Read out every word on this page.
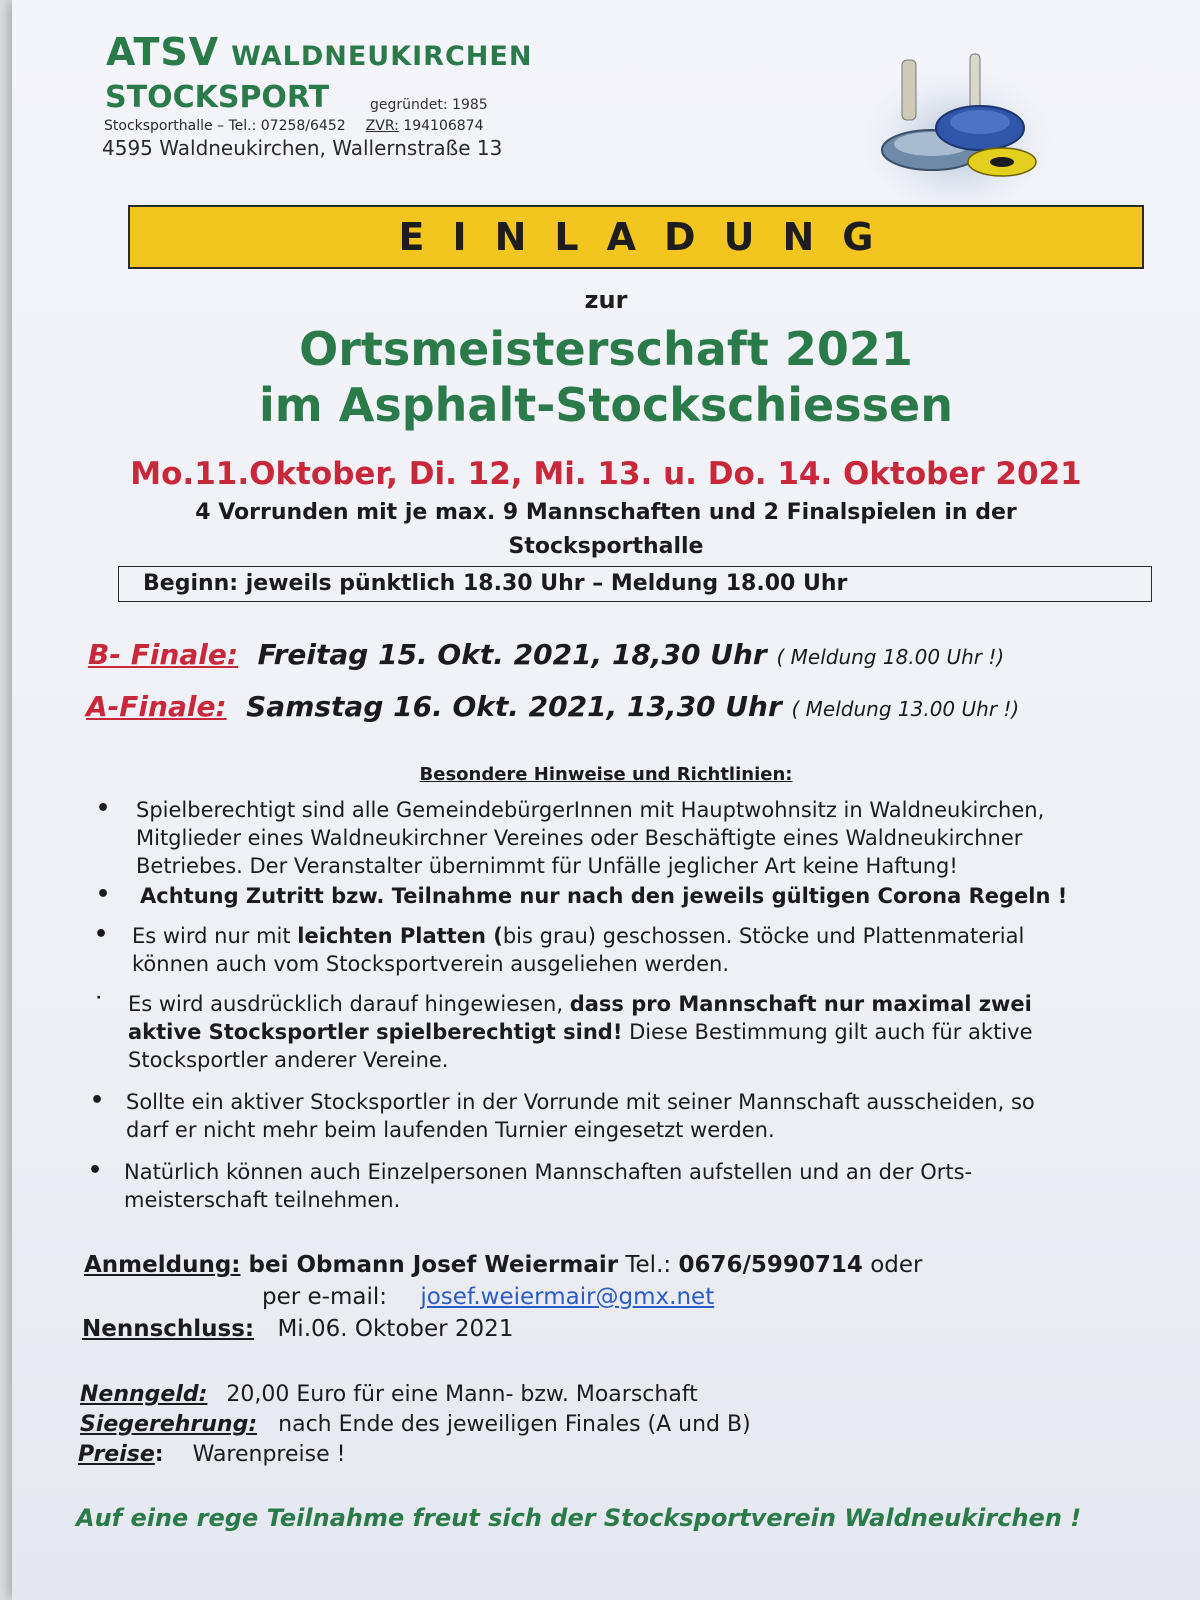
ATSV WALDNEUKIRCHEN
STOCKSPORT	gegründet: 1985
Stocksporthalle – Tel.: 07258/6452 ZVR: 194106874
4595 Waldneukirchen, Wallernstraße 13
EINLADUNG
zur
Ortsmeisterschaft 2021
im Asphalt-Stockschiessen
Mo.11.Oktober, Di. 12, Mi. 13. u. Do. 14. Oktober 2021
4 Vorrunden mit je max. 9 Mannschaften und 2 Finalspielen in der
Stocksporthalle
Beginn: jeweils pünktlich 18.30 Uhr – Meldung 18.00 Uhr
B- Finale: Freitag 15. Okt. 2021, 18,30 Uhr ( Meldung 18.00 Uhr !)
A-Finale: Samstag 16. Okt. 2021, 13,30 Uhr ( Meldung 13.00 Uhr !)
Besondere Hinweise und Richtlinien:
• Spielberechtigt sind alle GemeindebürgerInnen mit Hauptwohnsitz in Waldneukirchen,
Mitglieder eines Waldneukirchner Vereines oder Beschäftigte eines Waldneukirchner
Betriebes. Der Veranstalter übernimmt für Unfälle jeglicher Art keine Haftung!
• Achtung Zutritt bzw. Teilnahme nur nach den jeweils gültigen Corona Regeln !
• Es wird nur mit leichten Platten (bis grau) geschossen. Stöcke und Plattenmaterial
können auch vom Stocksportverein ausgeliehen werden.
· Es wird ausdrücklich darauf hingewiesen, dass pro Mannschaft nur maximal zwei
aktive Stocksportler spielberechtigt sind! Diese Bestimmung gilt auch für aktive
Stocksportler anderer Vereine.
• Sollte ein aktiver Stocksportler in der Vorrunde mit seiner Mannschaft ausscheiden, so
darf er nicht mehr beim laufenden Turnier eingesetzt werden.
• Natürlich können auch Einzelpersonen Mannschaften aufstellen und an der Orts-
meisterschaft teilnehmen.
Anmeldung: bei Obmann Josef Weiermair Tel.: 0676/5990714 oder
per e-mail: josef.weiermair@gmx.net
Nennschluss: Mi.06. Oktober 2021
Nenngeld: 20,00 Euro für eine Mann- bzw. Moarschaft
Siegerehrung: nach Ende des jeweiligen Finales (A und B)
Preise: Warenpreise !
Auf eine rege Teilnahme freut sich der Stocksportverein Waldneukirchen !
